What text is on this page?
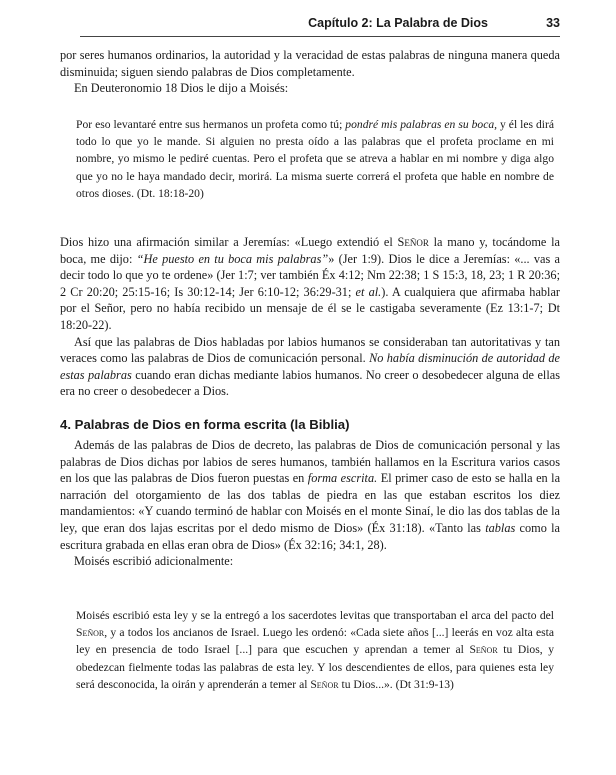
Capítulo 2: La Palabra de Dios	33

por seres humanos ordinarios, la autoridad y la veracidad de estas palabras de ninguna manera queda disminuida; siguen siendo palabras de Dios completamente.

En Deuteronomio 18 Dios le dijo a Moisés:

Por eso levantaré entre sus hermanos un profeta como tú; pondré mis palabras en su boca, y él les dirá todo lo que yo le mande. Si alguien no presta oído a las palabras que el profeta proclame en mi nombre, yo mismo le pediré cuentas. Pero el profeta que se atreva a hablar en mi nombre y diga algo que yo no le haya mandado decir, morirá. La misma suerte correrá el profeta que hable en nombre de otros dioses. (Dt. 18:18-20)

Dios hizo una afirmación similar a Jeremías: «Luego extendió el Señor la mano y, tocándome la boca, me dijo: “He puesto en tu boca mis palabras”» (Jer 1:9). Dios le dice a Jeremías: «... vas a decir todo lo que yo te ordene» (Jer 1:7; ver también Éx 4:12; Nm 22:38; 1 S 15:3, 18, 23; 1 R 20:36; 2 Cr 20:20; 25:15-16; Is 30:12-14; Jer 6:10-12; 36:29-31; et al.). A cualquiera que afirmaba hablar por el Señor, pero no había recibido un mensaje de él se le castigaba severamente (Ez 13:1-7; Dt 18:20-22).

Así que las palabras de Dios habladas por labios humanos se consideraban tan autoritativas y tan veraces como las palabras de Dios de comunicación personal. No había disminución de autoridad de estas palabras cuando eran dichas mediante labios humanos. No creer o desobedecer alguna de ellas era no creer o desobedecer a Dios.

4. Palabras de Dios en forma escrita (la Biblia)

Además de las palabras de Dios de decreto, las palabras de Dios de comunicación personal y las palabras de Dios dichas por labios de seres humanos, también hallamos en la Escritura varios casos en los que las palabras de Dios fueron puestas en forma escrita. El primer caso de esto se halla en la narración del otorgamiento de las dos tablas de piedra en las que estaban escritos los diez mandamientos: «Y cuando terminó de hablar con Moisés en el monte Sinaí, le dio las dos tablas de la ley, que eran dos lajas escritas por el dedo mismo de Dios» (Éx 31:18). «Tanto las tablas como la escritura grabada en ellas eran obra de Dios» (Éx 32:16; 34:1, 28).

Moisés escribió adicionalmente:

Moisés escribió esta ley y se la entregó a los sacerdotes levitas que transportaban el arca del pacto del Señor, y a todos los ancianos de Israel. Luego les ordenó: «Cada siete años [...] leerás en voz alta esta ley en presencia de todo Israel [...] para que escuchen y aprendan a temer al Señor tu Dios, y obedezcan fielmente todas las palabras de esta ley. Y los descendientes de ellos, para quienes esta ley será desconocida, la oirán y aprenderán a temer al Señor tu Dios...». (Dt 31:9-13)
